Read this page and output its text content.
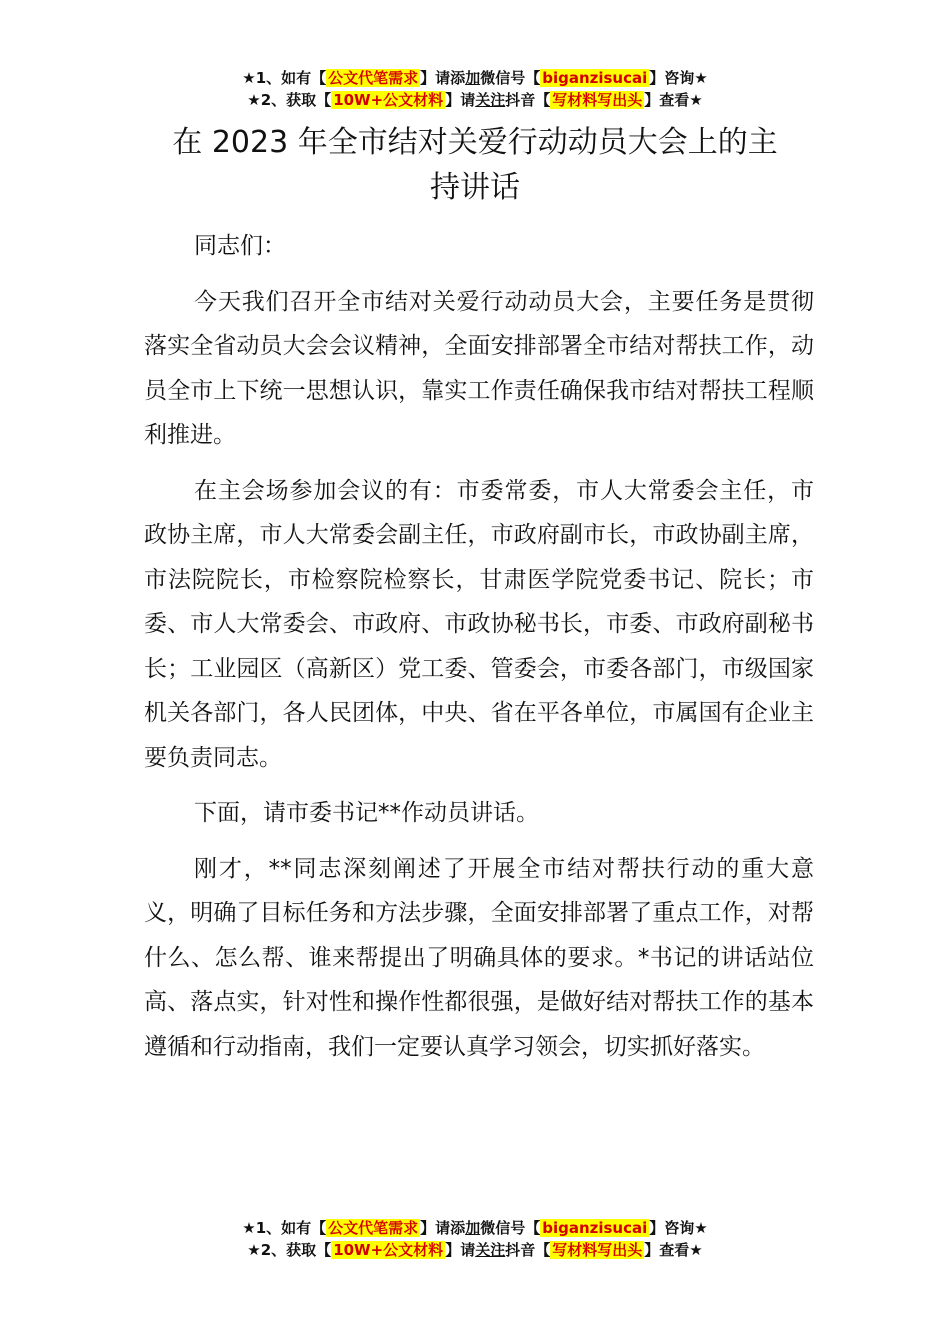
★1、如有【 公文代笔需求 】请添加微信号【 biganzisucai 】咨询★
★2、获取【 10W+公文材料 】请关注抖音【 写材料写出头 】查看★
在 2023 年全市结对关爱行动动员大会上的主
持讲话

同志们：

今天我们召开全市结对关爱行动动员大会，主要任务是贯彻落实全省动员大会会议精神，全面安排部署全市结对帮扶工作，动员全市上下统一思想认识，靠实工作责任确保我市结对帮扶工程顺利推进。

在主会场参加会议的有：市委常委，市人大常委会主任，市政协主席，市人大常委会副主任，市政府副市长，市政协副主席，市法院院长，市检察院检察长，甘肃医学院党委书记、院长；市委、市人大常委会、市政府、市政协秘书长，市委、市政府副秘书长；工业园区（高新区）党工委、管委会，市委各部门，市级国家机关各部门，各人民团体，中央、省在平各单位，市属国有企业主要负责同志。

下面，请市委书记**作动员讲话。

刚才，**同志深刻阐述了开展全市结对帮扶行动的重大意义，明确了目标任务和方法步骤，全面安排部署了重点工作，对帮什么、怎么帮、谁来帮提出了明确具体的要求。*书记的讲话站位高、落点实，针对性和操作性都很强，是做好结对帮扶工作的基本遵循和行动指南，我们一定要认真学习领会，切实抓好落实。

★1、如有【 公文代笔需求 】请添加微信号【 biganzisucai 】咨询★
★2、获取【 10W+公文材料 】请关注抖音【 写材料写出头 】查看★
